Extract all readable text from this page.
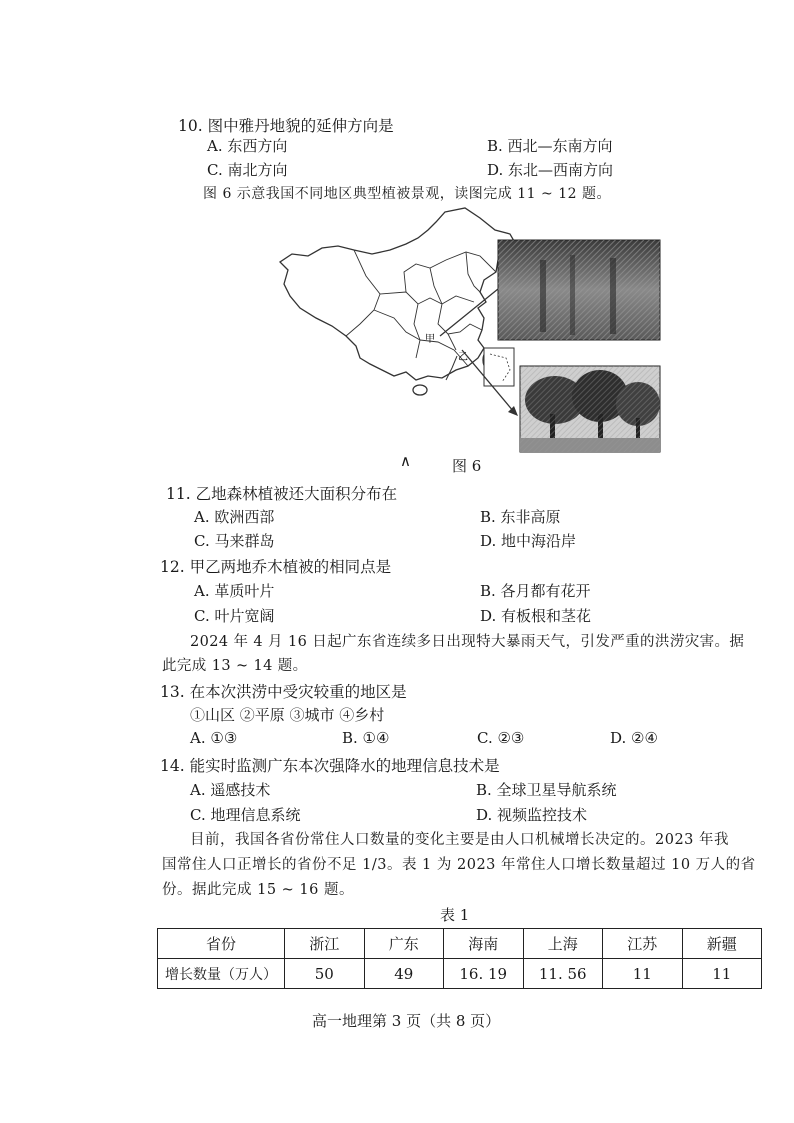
10. 图中雅丹地貌的延伸方向是
A. 东西方向	B. 西北—东南方向
C. 南北方向	D. 东北—西南方向
图 6 示意我国不同地区典型植被景观，读图完成 11 ~ 12 题。
甲
乙
∧	图 6
11. 乙地森林植被还大面积分布在
A. 欧洲西部	B. 东非高原
C. 马来群岛	D. 地中海沿岸
12. 甲乙两地乔木植被的相同点是
A. 革质叶片	B. 各月都有花开
C. 叶片宽阔	D. 有板根和茎花
2024 年 4 月 16 日起广东省连续多日出现特大暴雨天气，引发严重的洪涝灾害。据
此完成 13 ~ 14 题。
13. 在本次洪涝中受灾较重的地区是
①山区 ②平原 ③城市 ④乡村
A. ①③	B. ①④	C. ②③	D. ②④
14. 能实时监测广东本次强降水的地理信息技术是
A. 遥感技术	B. 全球卫星导航系统
C. 地理信息系统	D. 视频监控技术
目前，我国各省份常住人口数量的变化主要是由人口机械增长决定的。2023 年我
国常住人口正增长的省份不足 1/3。表 1 为 2023 年常住人口增长数量超过 10 万人的省
份。据此完成 15 ~ 16 题。
表 1
省份	浙江	广东	海南	上海	江苏	新疆
增长数量（万人）	50	49	16. 19	11. 56	11	11
高一地理第 3 页（共 8 页）
